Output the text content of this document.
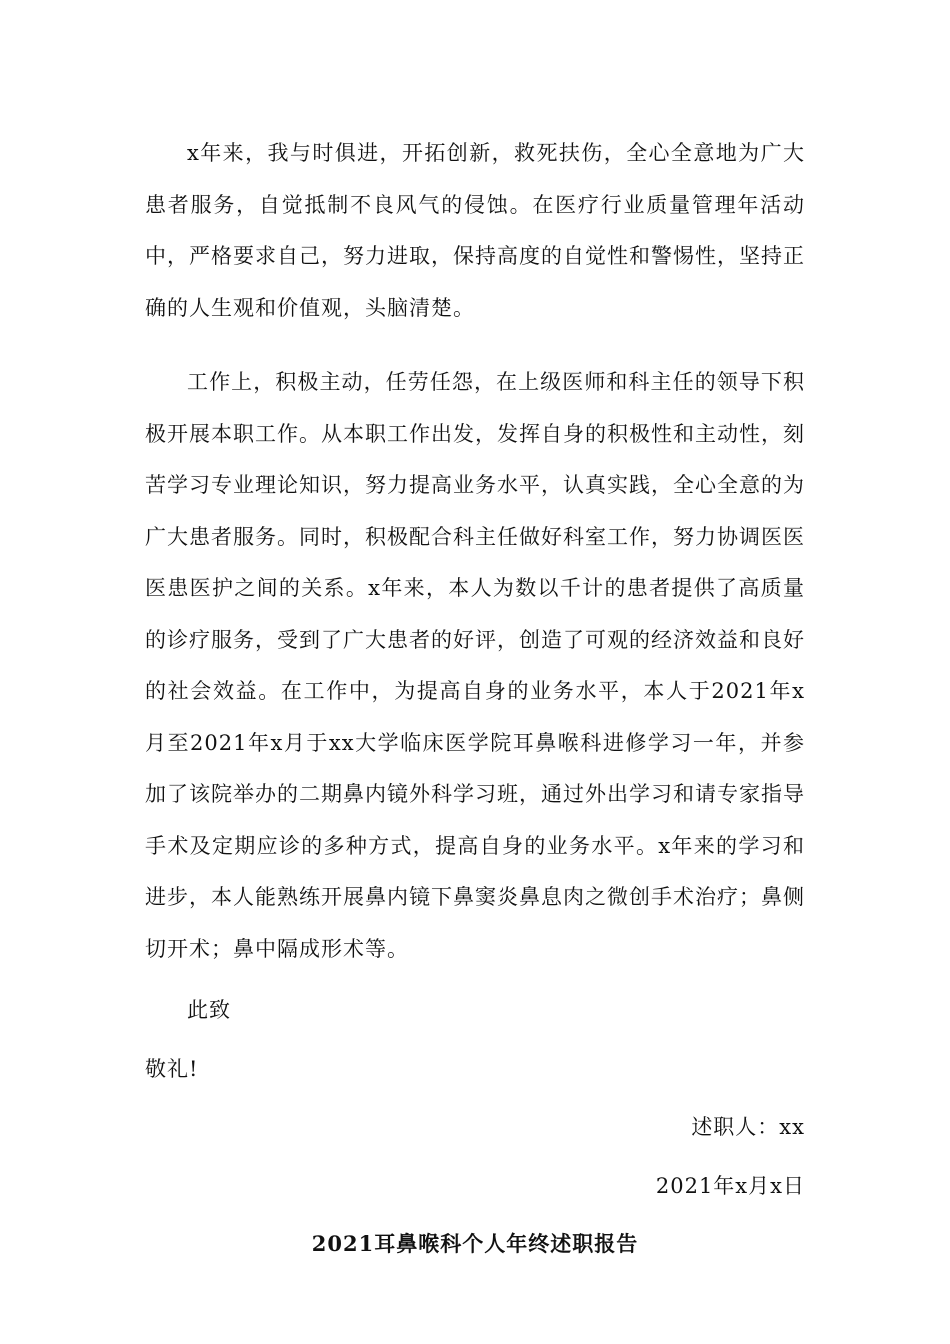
x年来，我与时俱进，开拓创新，救死扶伤，全心全意地为广大患者服务，自觉抵制不良风气的侵蚀。在医疗行业质量管理年活动中，严格要求自己，努力进取，保持高度的自觉性和警惕性，坚持正确的人生观和价值观，头脑清楚。

工作上，积极主动，任劳任怨，在上级医师和科主任的领导下积极开展本职工作。从本职工作出发，发挥自身的积极性和主动性，刻苦学习专业理论知识，努力提高业务水平，认真实践，全心全意的为广大患者服务。同时，积极配合科主任做好科室工作，努力协调医医医患医护之间的关系。x年来，本人为数以千计的患者提供了高质量的诊疗服务，受到了广大患者的好评，创造了可观的经济效益和良好的社会效益。在工作中，为提高自身的业务水平，本人于2021年x月至2021年x月于xx大学临床医学院耳鼻喉科进修学习一年，并参加了该院举办的二期鼻内镜外科学习班，通过外出学习和请专家指导手术及定期应诊的多种方式，提高自身的业务水平。x年来的学习和进步，本人能熟练开展鼻内镜下鼻窦炎鼻息肉之微创手术治疗；鼻侧切开术；鼻中隔成形术等。

此致

敬礼!

述职人：xx

2021年x月x日

2021耳鼻喉科个人年终述职报告
